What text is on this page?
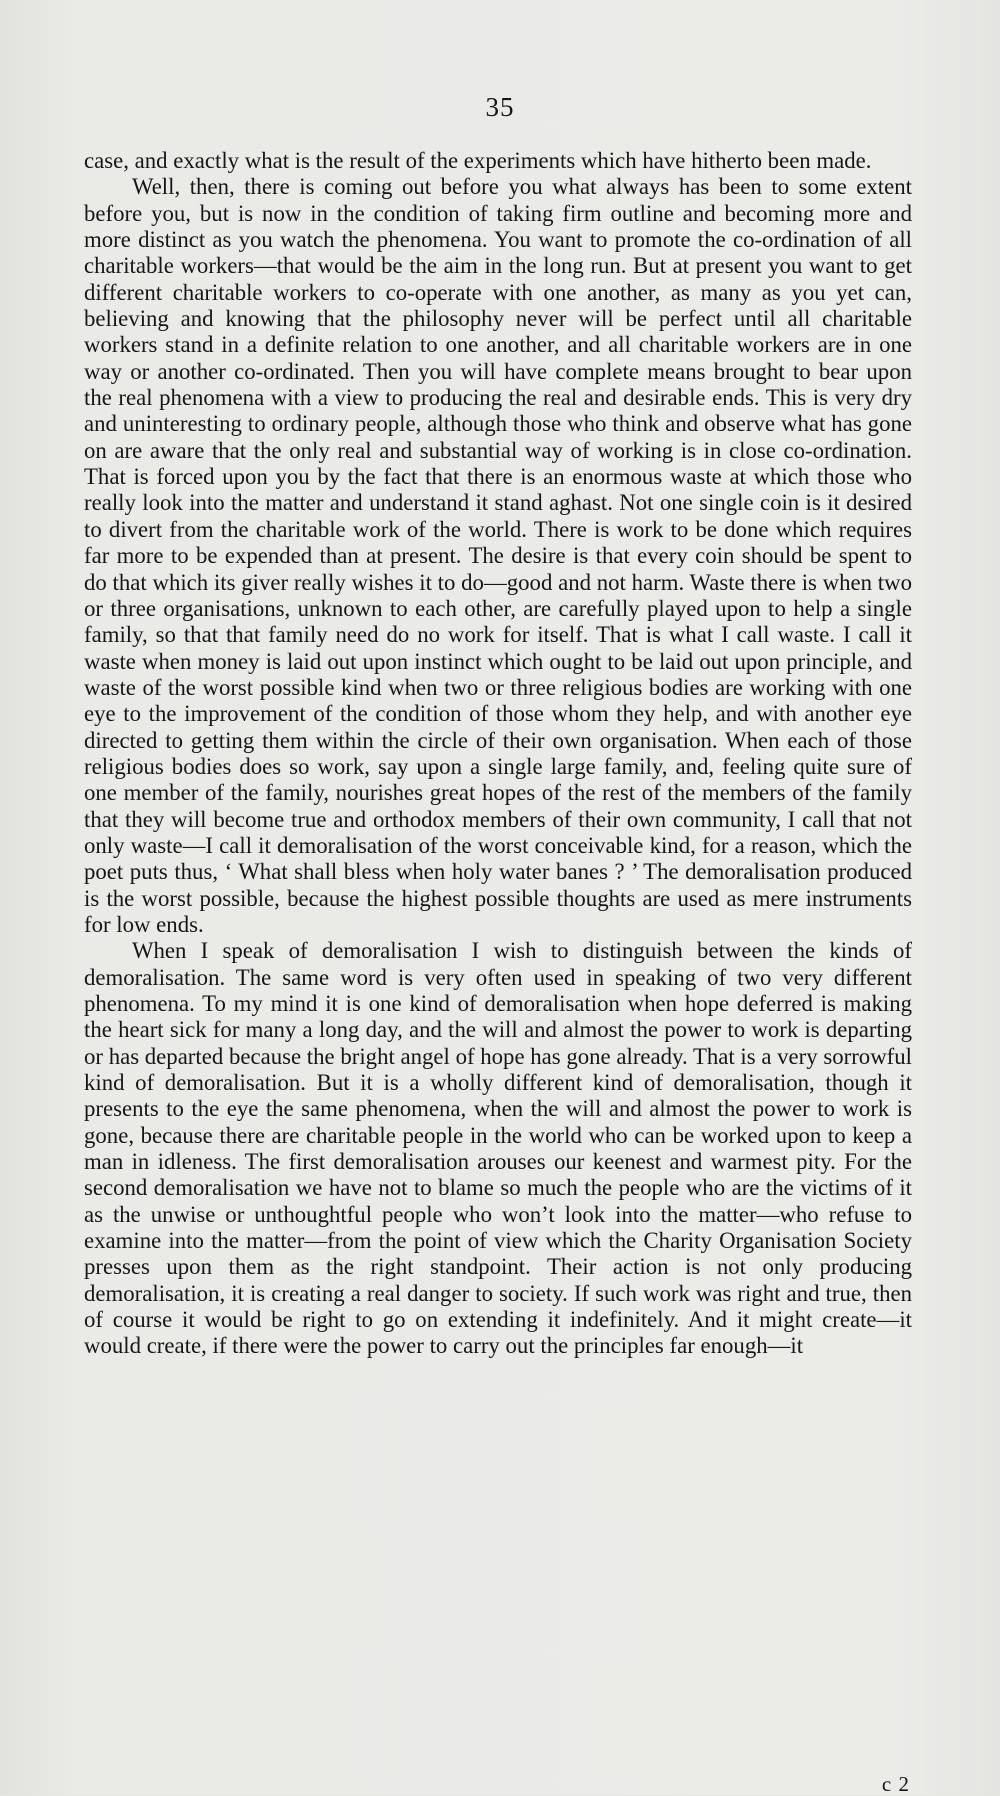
35

case, and exactly what is the result of the experiments which have hitherto been made.

Well, then, there is coming out before you what always has been to some extent before you, but is now in the condition of taking firm outline and becoming more and more distinct as you watch the phenomena. You want to promote the co-ordination of all charitable workers—that would be the aim in the long run. But at present you want to get different charitable workers to co-operate with one another, as many as you yet can, believing and knowing that the philosophy never will be perfect until all charitable workers stand in a definite relation to one another, and all charitable workers are in one way or another co-ordinated. Then you will have complete means brought to bear upon the real phenomena with a view to producing the real and desirable ends. This is very dry and uninteresting to ordinary people, although those who think and observe what has gone on are aware that the only real and substantial way of working is in close co-ordination. That is forced upon you by the fact that there is an enormous waste at which those who really look into the matter and understand it stand aghast. Not one single coin is it desired to divert from the charitable work of the world. There is work to be done which requires far more to be expended than at present. The desire is that every coin should be spent to do that which its giver really wishes it to do—good and not harm. Waste there is when two or three organisations, unknown to each other, are carefully played upon to help a single family, so that that family need do no work for itself. That is what I call waste. I call it waste when money is laid out upon instinct which ought to be laid out upon principle, and waste of the worst possible kind when two or three religious bodies are working with one eye to the improvement of the condition of those whom they help, and with another eye directed to getting them within the circle of their own organisation. When each of those religious bodies does so work, say upon a single large family, and, feeling quite sure of one member of the family, nourishes great hopes of the rest of the members of the family that they will become true and orthodox members of their own community, I call that not only waste—I call it demoralisation of the worst conceivable kind, for a reason, which the poet puts thus, ‘ What shall bless when holy water banes ? ’ The demoralisation produced is the worst possible, because the highest possible thoughts are used as mere instruments for low ends.

When I speak of demoralisation I wish to distinguish between the kinds of demoralisation. The same word is very often used in speaking of two very different phenomena. To my mind it is one kind of demoralisation when hope deferred is making the heart sick for many a long day, and the will and almost the power to work is departing or has departed because the bright angel of hope has gone already. That is a very sorrowful kind of demoralisation. But it is a wholly different kind of demoralisation, though it presents to the eye the same phenomena, when the will and almost the power to work is gone, because there are charitable people in the world who can be worked upon to keep a man in idleness. The first demoralisation arouses our keenest and warmest pity. For the second demoralisation we have not to blame so much the people who are the victims of it as the unwise or unthoughtful people who won’t look into the matter—who refuse to examine into the matter—from the point of view which the Charity Organisation Society presses upon them as the right standpoint. Their action is not only producing demoralisation, it is creating a real danger to society. If such work was right and true, then of course it would be right to go on extending it indefinitely. And it might create—it would create, if there were the power to carry out the principles far enough—it

c 2
